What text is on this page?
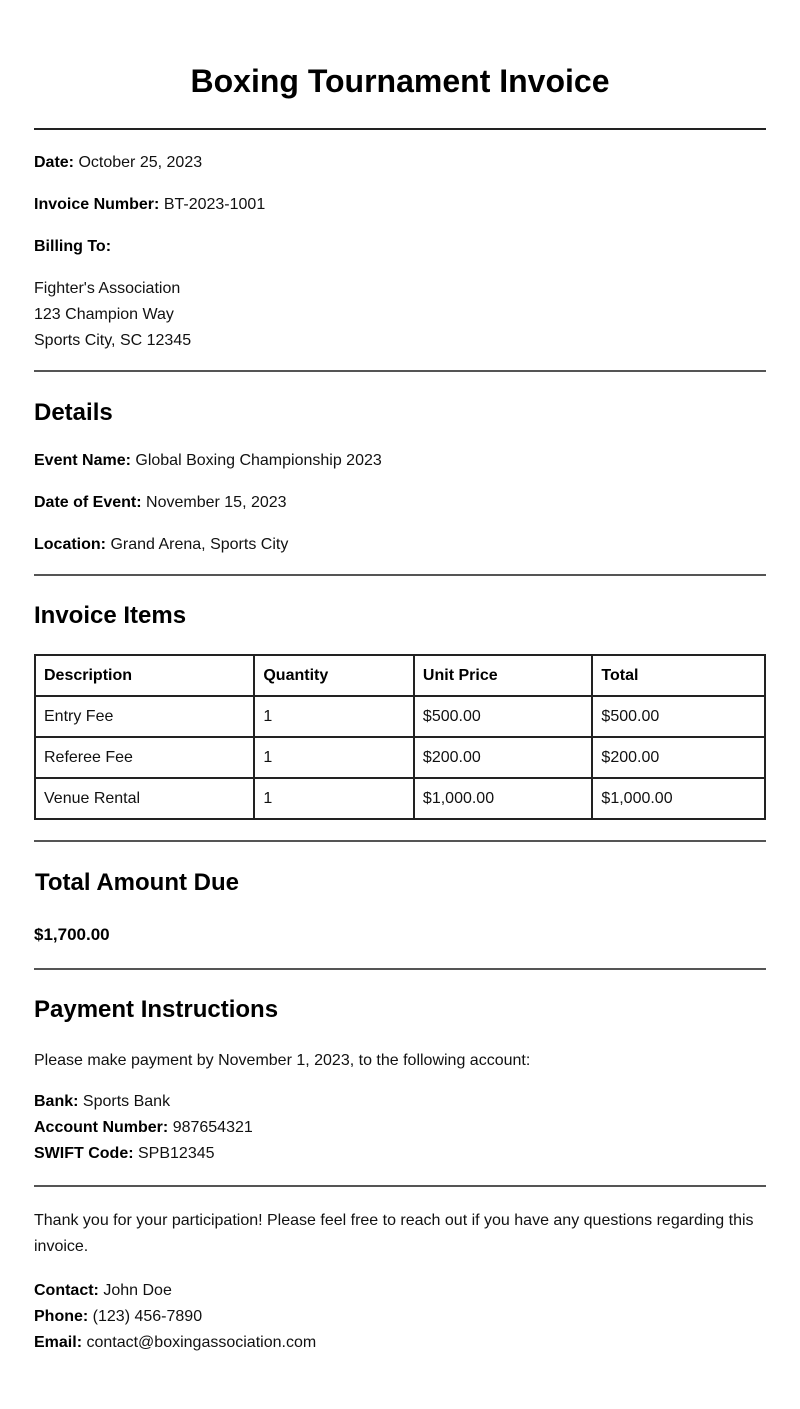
Boxing Tournament Invoice

Date: October 25, 2023

Invoice Number: BT-2023-1001

Billing To:

Fighter's Association

123 Champion Way

Sports City, SC 12345

Details

Event Name: Global Boxing Championship 2023

Date of Event: November 15, 2023

Location: Grand Arena, Sports City

Invoice Items
Description	Quantity	Unit Price	Total
Entry Fee	1	$500.00	$500.00
Referee Fee	1	$200.00	$200.00
Venue Rental	1	$1,000.00	$1,000.00
Total Amount Due

$1,700.00

Payment Instructions

Please make payment by November 1, 2023, to the following account:

Bank: Sports Bank

Account Number: 987654321

SWIFT Code: SPB12345

Thank you for your participation! Please feel free to reach out if you have any questions regarding this invoice.

Contact: John Doe

Phone: (123) 456-7890

Email: contact@boxingassociation.com
